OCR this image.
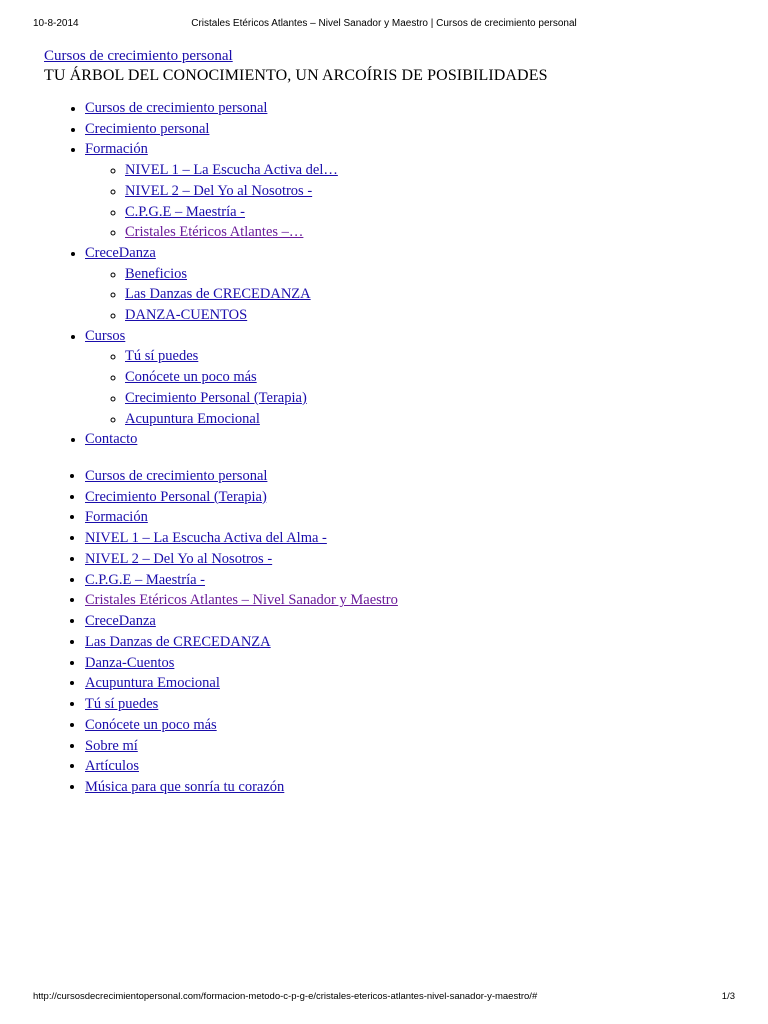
10-8-2014	Cristales Etéricos Atlantes – Nivel Sanador y Maestro | Cursos de crecimiento personal
Cursos de crecimiento personal
TU ÁRBOL DEL CONOCIMIENTO, UN ARCOÍRIS DE POSIBILIDADES
• Cursos de crecimiento personal
• Crecimiento personal
• Formación
◦ NIVEL 1 – La Escucha Activa del…
◦ NIVEL 2 – Del Yo al Nosotros -
◦ C.P.G.E – Maestría -
◦ Cristales Etéricos Atlantes –…
• CreceDanza
◦ Beneficios
◦ Las Danzas de CRECEDANZA
◦ DANZA-CUENTOS
• Cursos
◦ Tú sí puedes
◦ Conócete un poco más
◦ Crecimiento Personal (Terapia)
◦ Acupuntura Emocional
• Contacto
• Cursos de crecimiento personal
• Crecimiento Personal (Terapia)
• Formación
• NIVEL 1 – La Escucha Activa del Alma -
• NIVEL 2 – Del Yo al Nosotros -
• C.P.G.E – Maestría -
• Cristales Etéricos Atlantes – Nivel Sanador y Maestro
• CreceDanza
• Las Danzas de CRECEDANZA
• Danza-Cuentos
• Acupuntura Emocional
• Tú sí puedes
• Conócete un poco más
• Sobre mí
• Artículos
• Música para que sonría tu corazón
http://cursosdecrecimientopersonal.com/formacion-metodo-c-p-g-e/cristales-etericos-atlantes-nivel-sanador-y-maestro/#	1/3
